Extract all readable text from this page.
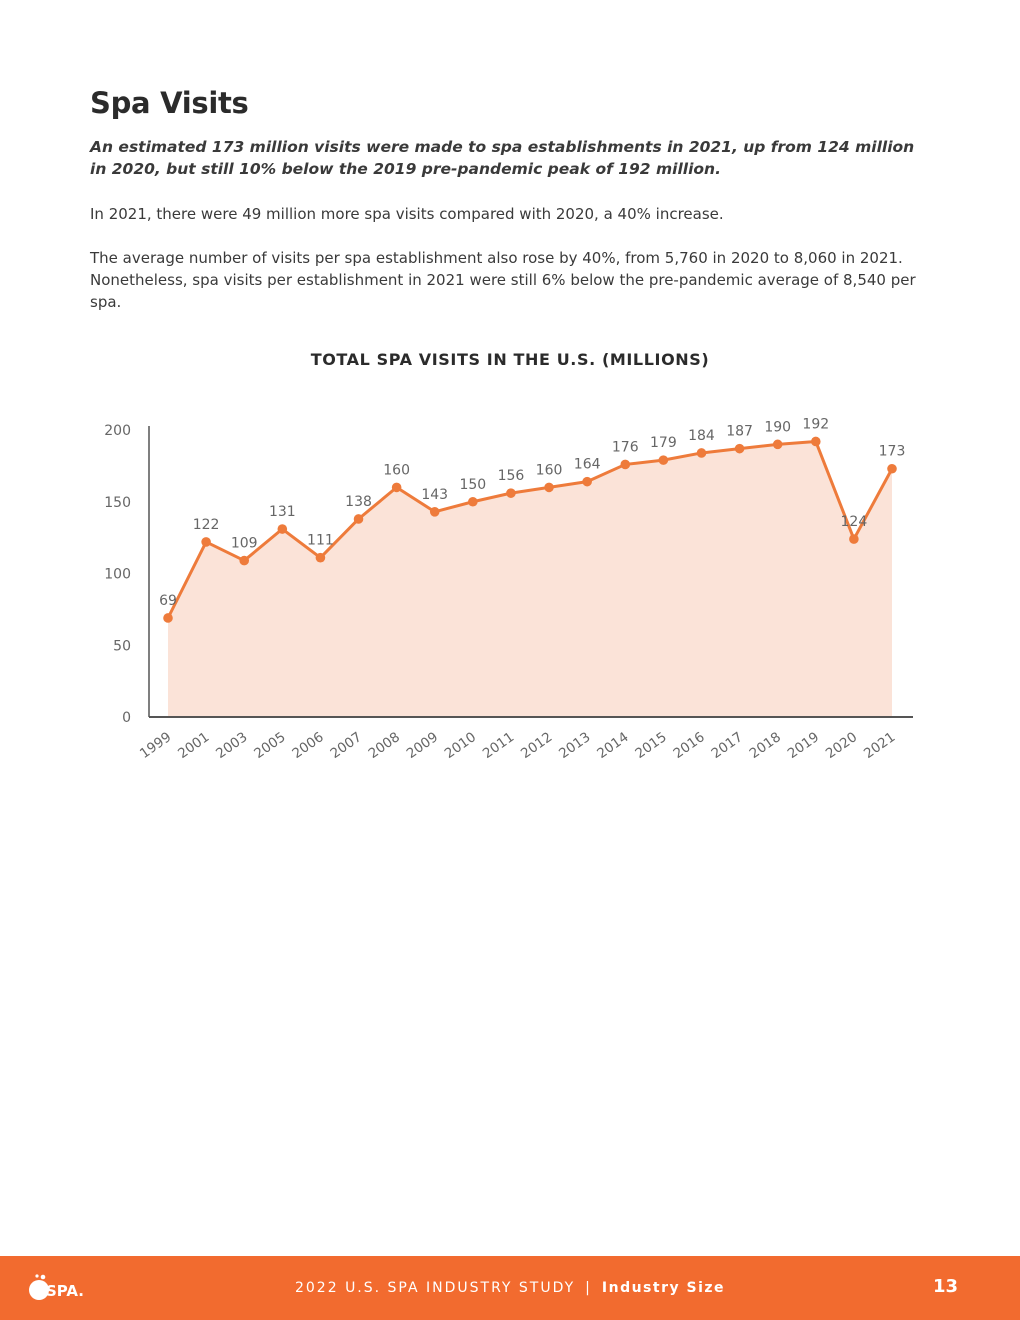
Spa Visits

An estimated 173 million visits were made to spa establishments in 2021, up from 124 million in 2020, but still 10% below the 2019 pre-pandemic peak of 192 million.

In 2021, there were 49 million more spa visits compared with 2020, a 40% increase.

The average number of visits per spa establishment also rose by 40%, from 5,760 in 2020 to 8,060 in 2021. Nonetheless, spa visits per establishment in 2021 were still 6% below the pre-pandemic average of 8,540 per spa.

TOTAL SPA VISITS IN THE U.S. (MILLIONS)
69
122
109
131
111
138
160
143
150
156 160 164
176 179 184 187 190 192
124
173
0
50
100
150
200
1999 2001 2003 2005 2006 2007 2008 2009 2010 2011 2012 2013 2014 2015 2016 2017 2018 2019 2020 2021
SPA.	2022 U.S. SPA INDUSTRY STUDY | Industry Size	13
